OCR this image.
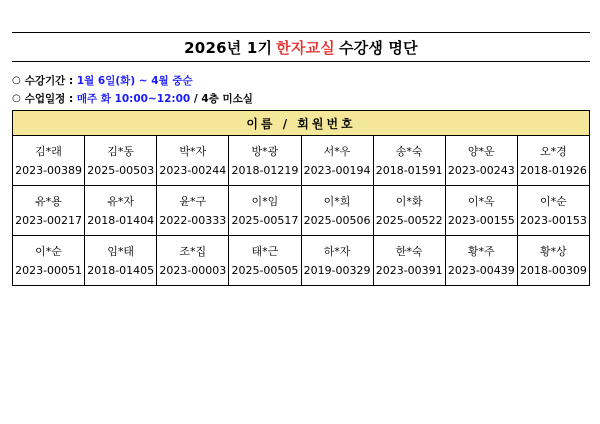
2026년 1기 한자교실 수강생 명단
○ 수강기간 :
1월 6일(화) ~ 4월 중순
○ 수업일정 :
매주 화 10:00~12:00
/ 4층 미소실
이름 / 회원번호							

김*래
2023-00389	김*동
2025-00503	박*자
2023-00244	방*광
2018-01219	서*우
2023-00194	송*숙
2018-01591	양*운
2023-00243	오*경
2018-01926

유*용
2023-00217	유*자
2018-01404	윤*구
2022-00333	이*임
2025-00517	이*희
2025-00506	이*화
2025-00522	이*옥
2023-00155	이*순
2023-00153

이*순
2023-00051	임*태
2018-01405	조*집
2023-00003	태*근
2025-00505	하*자
2019-00329	한*숙
2023-00391	황*주
2023-00439	황*상
2018-00309
